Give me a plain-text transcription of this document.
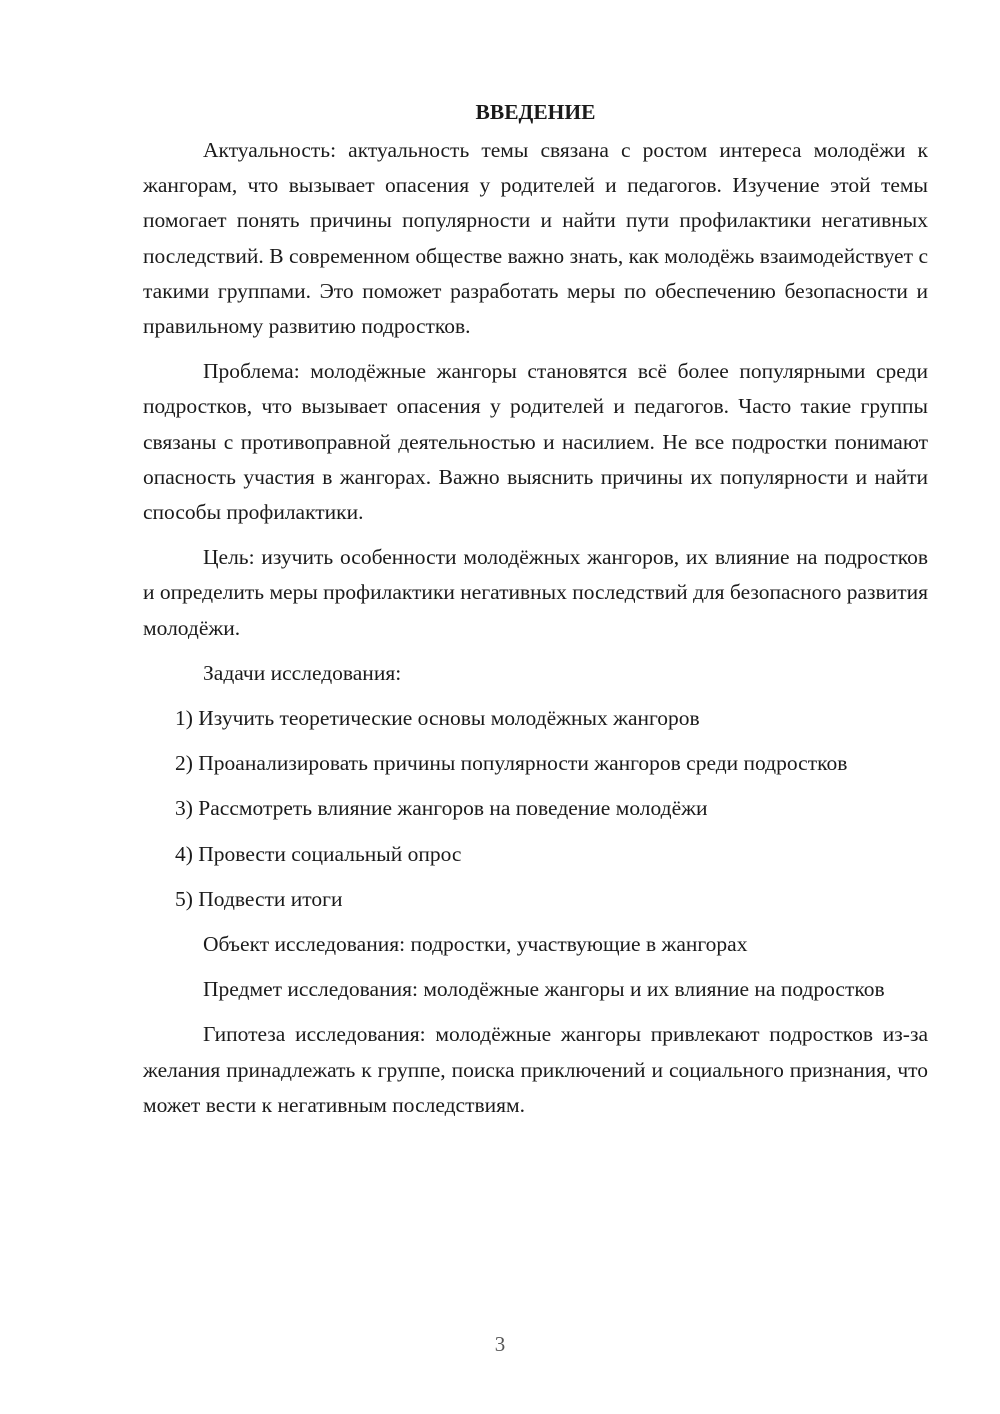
ВВЕДЕНИЕ

Актуальность: актуальность темы связана с ростом интереса молодёжи к жангорам, что вызывает опасения у родителей и педагогов. Изучение этой темы помогает понять причины популярности и найти пути профилактики негативных последствий. В современном обществе важно знать, как молодёжь взаимодействует с такими группами. Это поможет разработать меры по обеспечению безопасности и правильному развитию подростков.

Проблема: молодёжные жангоры становятся всё более популярными среди подростков, что вызывает опасения у родителей и педагогов. Часто такие группы связаны с противоправной деятельностью и насилием. Не все подростки понимают опасность участия в жангорах. Важно выяснить причины их популярности и найти способы профилактики.

Цель: изучить особенности молодёжных жангоров, их влияние на подростков и определить меры профилактики негативных последствий для безопасного развития молодёжи.

Задачи исследования:

1) Изучить теоретические основы молодёжных жангоров

2) Проанализировать причины популярности жангоров среди подростков

3) Рассмотреть влияние жангоров на поведение молодёжи

4) Провести социальный опрос

5) Подвести итоги

Объект исследования: подростки, участвующие в жангорах

Предмет исследования: молодёжные жангоры и их влияние на подростков

Гипотеза исследования: молодёжные жангоры привлекают подростков из-за желания принадлежать к группе, поиска приключений и социального признания, что может вести к негативным последствиям.

3
